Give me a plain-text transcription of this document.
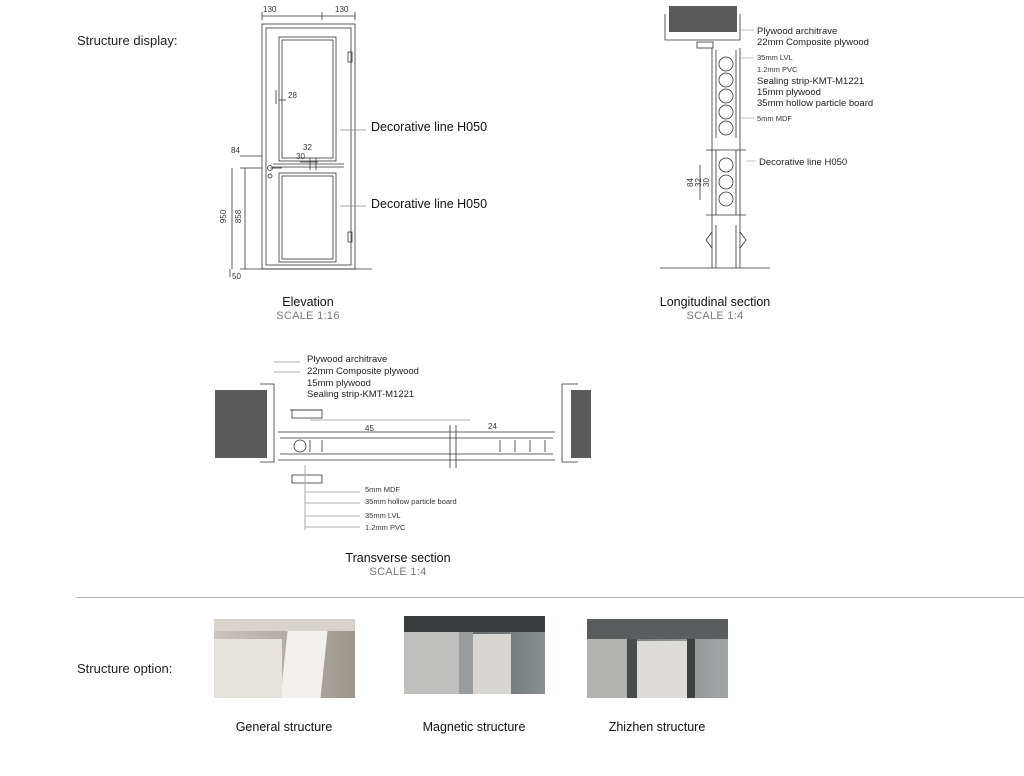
Structure display:
Structure option:
130	130
28
84	32
30
950 858
50
Decorative line H050
Decorative line H050
Elevation
SCALE 1:16
Plywood architrave
22mm Composite plywood
35mm LVL
1.2mm PVC
Sealing strip-KMT-M1221
15mm plywood
35mm hollow particle board
5mm MDF
Decorative line H050
84 32 30
Longitudinal section
SCALE 1:4
Plywood architrave
22mm Composite plywood
15mm plywood
Sealing strip-KMT-M1221
45	24
5mm MDF
35mm hollow particle board
35mm LVL
1.2mm PVC
Transverse section
SCALE 1:4
General structure	Magnetic structure	Zhizhen structure
